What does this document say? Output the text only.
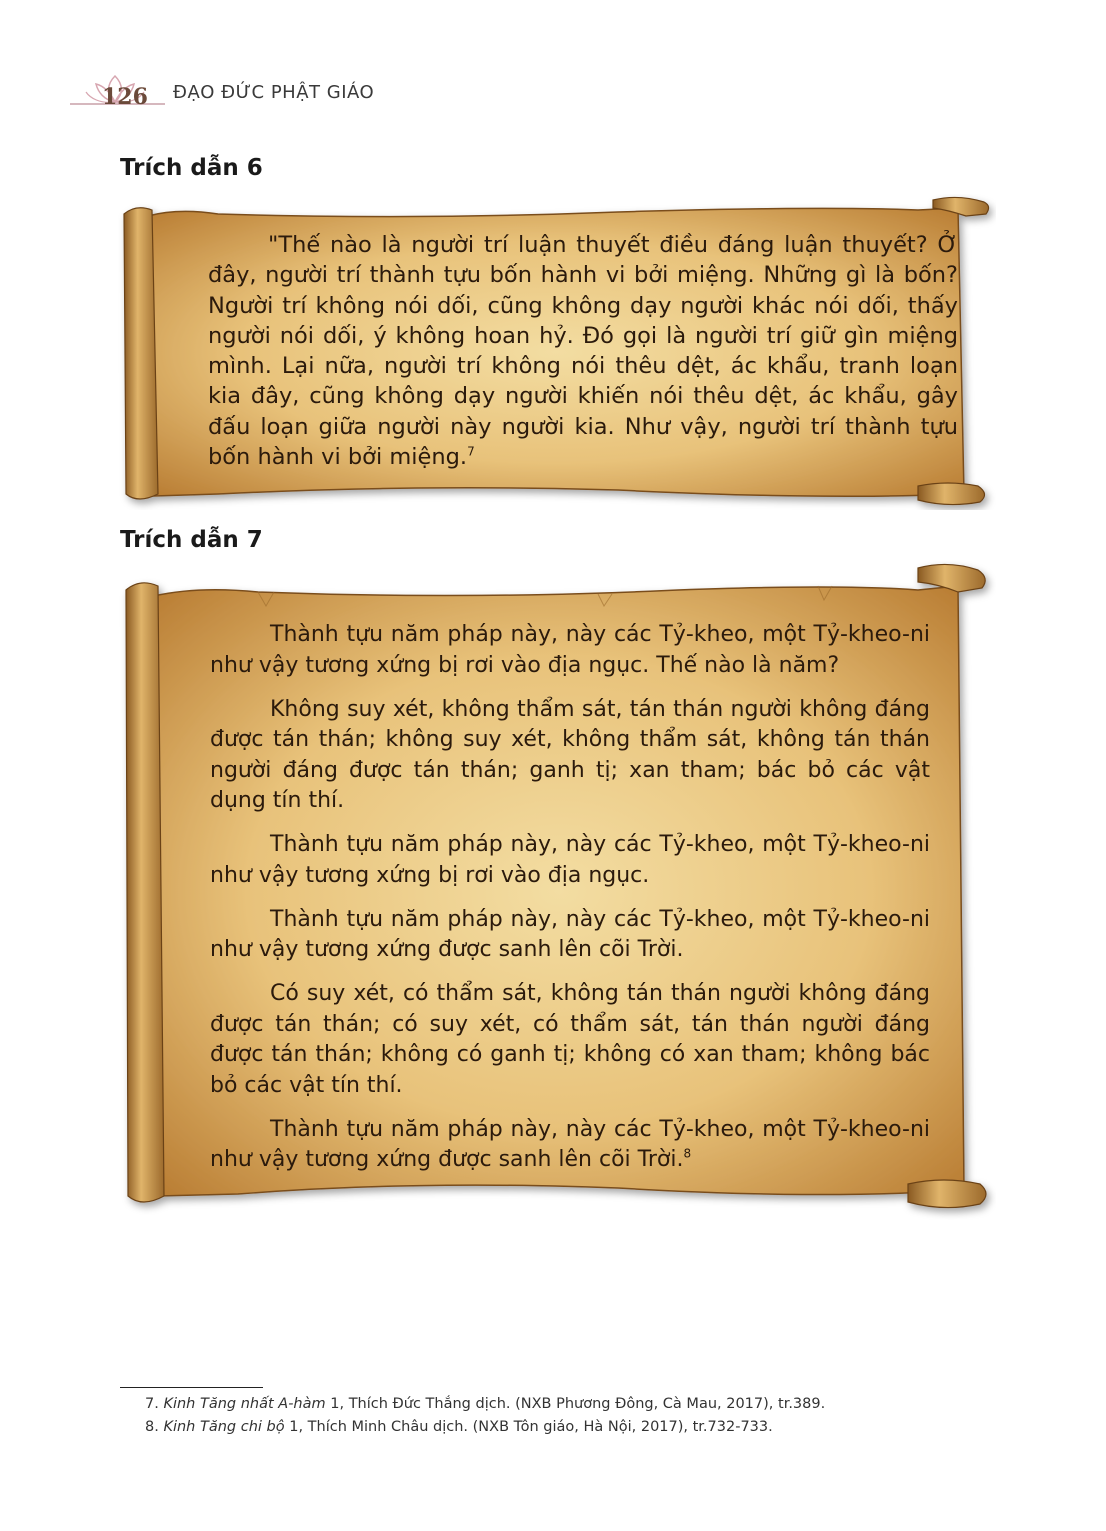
126 ĐẠO ĐỨC PHẬT GIÁO
Trích dẫn 6

"Thế nào là người trí luận thuyết điều đáng luận thuyết? Ở đây, người trí thành tựu bốn hành vi bởi miệng. Những gì là bốn? Người trí không nói dối, cũng không dạy người khác nói dối, thấy người nói dối, ý không hoan hỷ. Đó gọi là người trí giữ gìn miệng mình. Lại nữa, người trí không nói thêu dệt, ác khẩu, tranh loạn kia đây, cũng không dạy người khiến nói thêu dệt, ác khẩu, gây đấu loạn giữa người này người kia. Như vậy, người trí thành tựu bốn hành vi bởi miệng.$^7$

Trích dẫn 7

Thành tựu năm pháp này, này các Tỷ-kheo, một Tỷ-kheo-ni như vậy tương xứng bị rơi vào địa ngục. Thế nào là năm?

Không suy xét, không thẩm sát, tán thán người không đáng được tán thán; không suy xét, không thẩm sát, không tán thán người đáng được tán thán; ganh tị; xan tham; bác bỏ các vật dụng tín thí.

Thành tựu năm pháp này, này các Tỷ-kheo, một Tỷ-kheo-ni như vậy tương xứng bị rơi vào địa ngục.

Thành tựu năm pháp này, này các Tỷ-kheo, một Tỷ-kheo-ni như vậy tương xứng được sanh lên cõi Trời.

Có suy xét, có thẩm sát, không tán thán người không đáng được tán thán; có suy xét, có thẩm sát, tán thán người đáng được tán thán; không có ganh tị; không có xan tham; không bác bỏ các vật tín thí.

Thành tựu năm pháp này, này các Tỷ-kheo, một Tỷ-kheo-ni như vậy tương xứng được sanh lên cõi Trời.$^8$

7. Kinh Tăng nhất A-hàm 1, Thích Đức Thắng dịch. (NXB Phương Đông, Cà Mau, 2017), tr.389.
8. Kinh Tăng chi bộ 1, Thích Minh Châu dịch. (NXB Tôn giáo, Hà Nội, 2017), tr.732-733.
